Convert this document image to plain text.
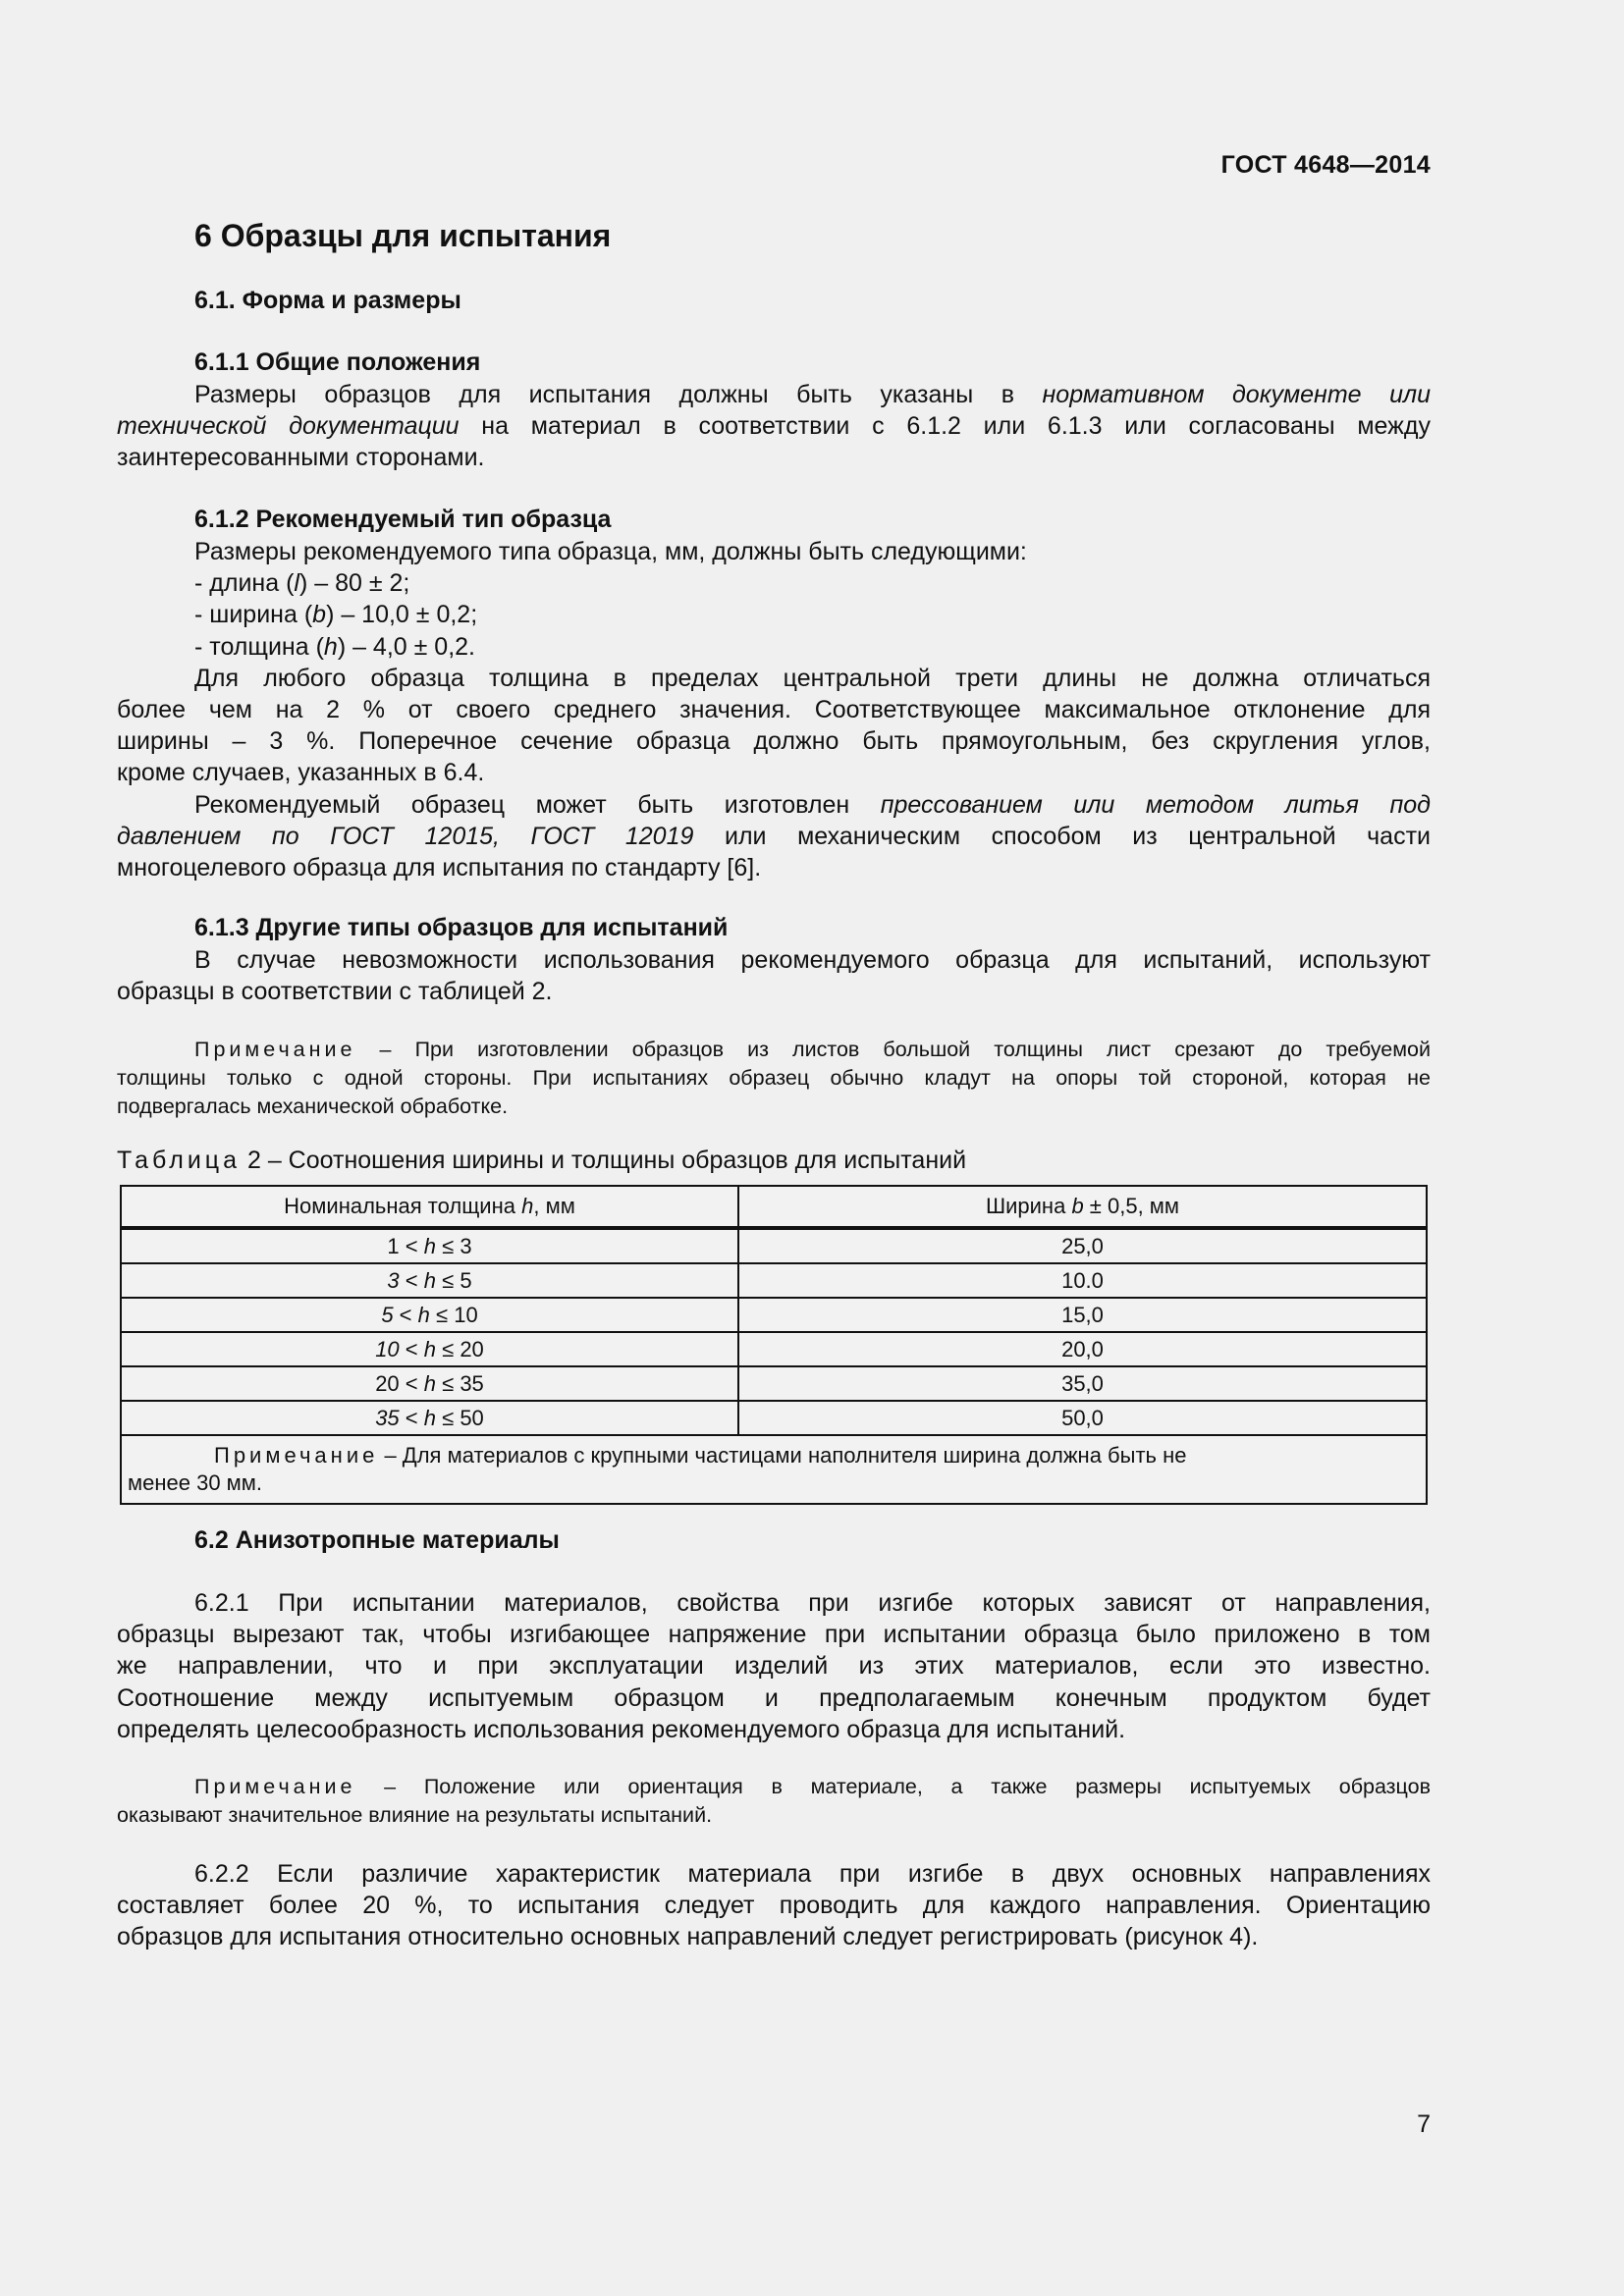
ГОСТ 4648—2014
6 Образцы для испытания
6.1. Форма и размеры
6.1.1 Общие положения
Размеры образцов для испытания должны быть указаны в нормативном документе или
технической документации на материал в соответствии с 6.1.2 или 6.1.3 или согласованы между
заинтересованными сторонами.
6.1.2 Рекомендуемый тип образца
Размеры рекомендуемого типа образца, мм, должны быть следующими:
- длина (l) – 80 ± 2;
- ширина (b) – 10,0 ± 0,2;
- толщина (h) – 4,0 ± 0,2.
Для любого образца толщина в пределах центральной трети длины не должна отличаться
более чем на 2 % от своего среднего значения. Соответствующее максимальное отклонение для
ширины – 3 %. Поперечное сечение образца должно быть прямоугольным, без скругления углов,
кроме случаев, указанных в 6.4.
Рекомендуемый образец может быть изготовлен прессованием или методом литья под
давлением по ГОСТ 12015, ГОСТ 12019 или механическим способом из центральной части
многоцелевого образца для испытания по стандарту [6].
6.1.3 Другие типы образцов для испытаний
В случае невозможности использования рекомендуемого образца для испытаний, используют
образцы в соответствии с таблицей 2.
Примечание – При изготовлении образцов из листов большой толщины лист срезают до требуемой
толщины только с одной стороны. При испытаниях образец обычно кладут на опоры той стороной, которая не
подвергалась механической обработке.
Таблица 2 – Соотношения ширины и толщины образцов для испытаний
Номинальная толщина h, мм	Ширина b ± 0,5, мм
1 < h ≤ 3	25,0
3 < h ≤ 5	10.0
5 < h ≤ 10	15,0
10 < h ≤ 20	20,0
20 < h ≤ 35	35,0
35 < h ≤ 50	50,0
Примечание – Для материалов с крупными частицами наполнителя ширина должна быть не
менее 30 мм.	
6.2 Анизотропные материалы
6.2.1 При испытании материалов, свойства при изгибе которых зависят от направления,
образцы вырезают так, чтобы изгибающее напряжение при испытании образца было приложено в том
же направлении, что и при эксплуатации изделий из этих материалов, если это известно.
Соотношение между испытуемым образцом и предполагаемым конечным продуктом будет
определять целесообразность использования рекомендуемого образца для испытаний.
Примечание – Положение или ориентация в материале, а также размеры испытуемых образцов
оказывают значительное влияние на результаты испытаний.
6.2.2 Если различие характеристик материала при изгибе в двух основных направлениях
составляет более 20 %, то испытания следует проводить для каждого направления. Ориентацию
образцов для испытания относительно основных направлений следует регистрировать (рисунок 4).
7
